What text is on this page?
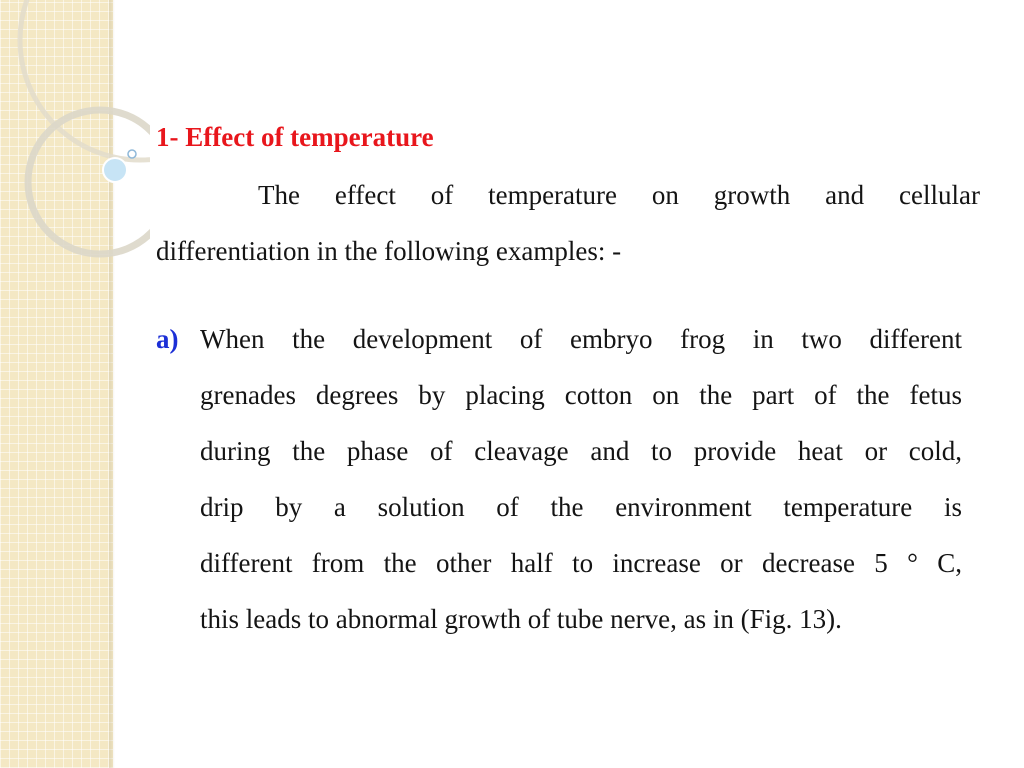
1- Effect of temperature
The effect of temperature on growth and cellular
differentiation in the following examples: -
a) When the development of embryo frog in two different
grenades degrees by placing cotton on the part of the fetus
during the phase of cleavage and to provide heat or cold,
drip by a solution of the environment temperature is
different from the other half to increase or decrease 5 ° C,
this leads to abnormal growth of tube nerve, as in (Fig. 13).
